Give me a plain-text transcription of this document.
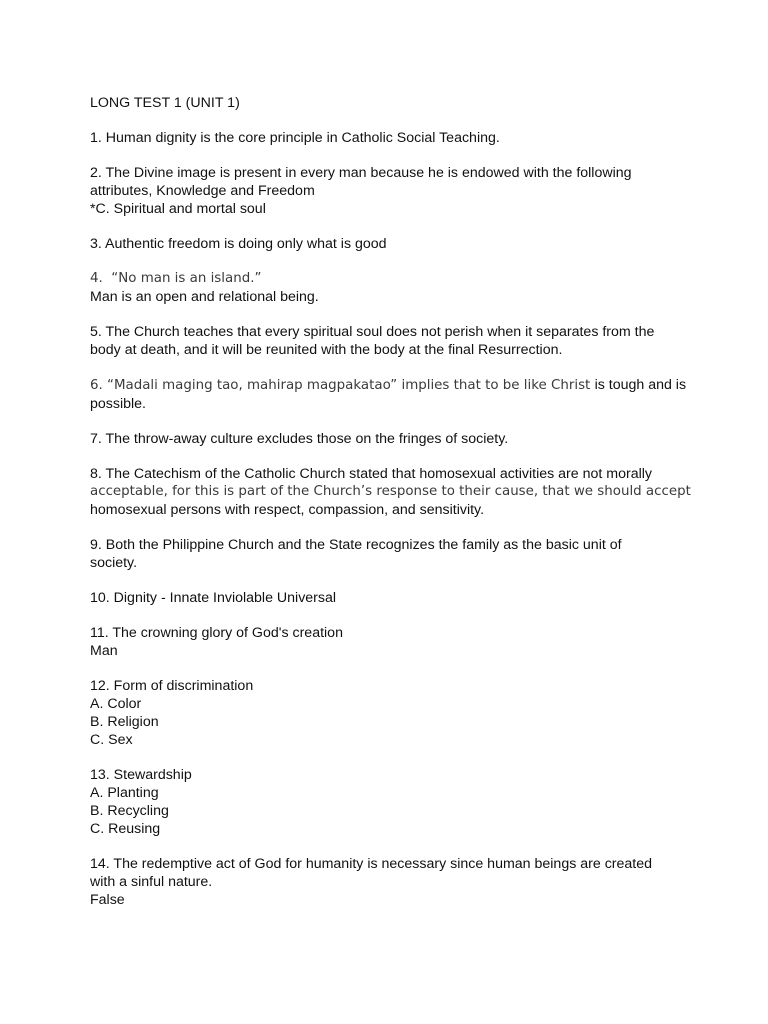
LONG TEST 1 (UNIT 1)
1. Human dignity is the core principle in Catholic Social Teaching.
2. The Divine image is present in every man because he is endowed with the following
attributes, Knowledge and Freedom
*C. Spiritual and mortal soul
3. Authentic freedom is doing only what is good
4.  “No man is an island.”
Man is an open and relational being.
5. The Church teaches that every spiritual soul does not perish when it separates from the
body at death, and it will be reunited with the body at the final Resurrection.
6. “Madali maging tao, mahirap magpakatao” implies that to be like Christ is tough and is
possible.
7. The throw-away culture excludes those on the fringes of society.
8. The Catechism of the Catholic Church stated that homosexual activities are not morally
acceptable, for this is part of the Church’s response to their cause, that we should accept
homosexual persons with respect, compassion, and sensitivity.
9. Both the Philippine Church and the State recognizes the family as the basic unit of
society.
10. Dignity - Innate Inviolable Universal
11. The crowning glory of God's creation
Man
12. Form of discrimination
A. Color
B. Religion
C. Sex
13. Stewardship
A. Planting
B. Recycling
C. Reusing
14. The redemptive act of God for humanity is necessary since human beings are created
with a sinful nature.
False
